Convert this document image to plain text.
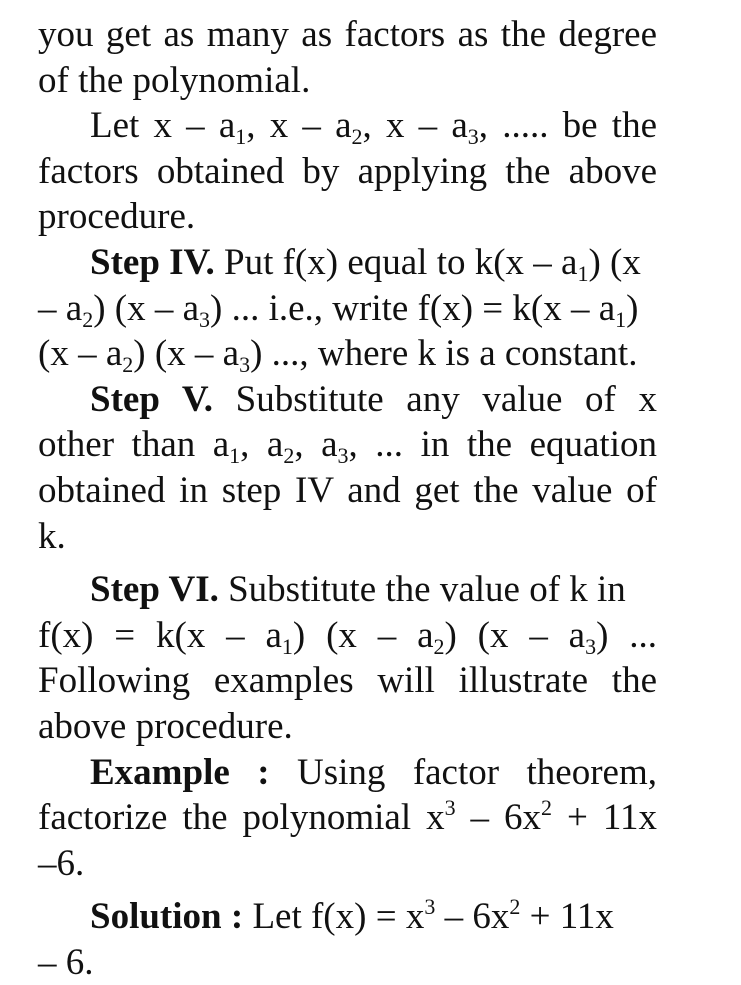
you get as many as factors as the degree
of the polynomial.
Let x – $a_1$, x – $a_2$, x – $a_3$, ..... be the
factors obtained by applying the above
procedure.
Step IV. Put f(x) equal to $k(x - a_1)$ (x
– $a_2$) $(x - a_3)$ ... i.e., write $f(x) = k(x - a_1)$
$(x - a_2)$ $(x - a_3)$ ..., where k is a constant.
Step V. Substitute any value of x
other than $a_1$, $a_2$, $a_3$, ... in the equation
obtained in step IV and get the value of
k.
Step VI. Substitute the value of k in
$f(x) = k(x - a_1)$ $(x - a_2)$ $(x - a_3)$ ...
Following examples will illustrate the
above procedure.
Example : Using factor theorem,
factorize the polynomial $x^3 - 6x^2 + 11x$
–6.
Solution : Let $f(x) = x^3 - 6x^2 + 11x$
– 6.
